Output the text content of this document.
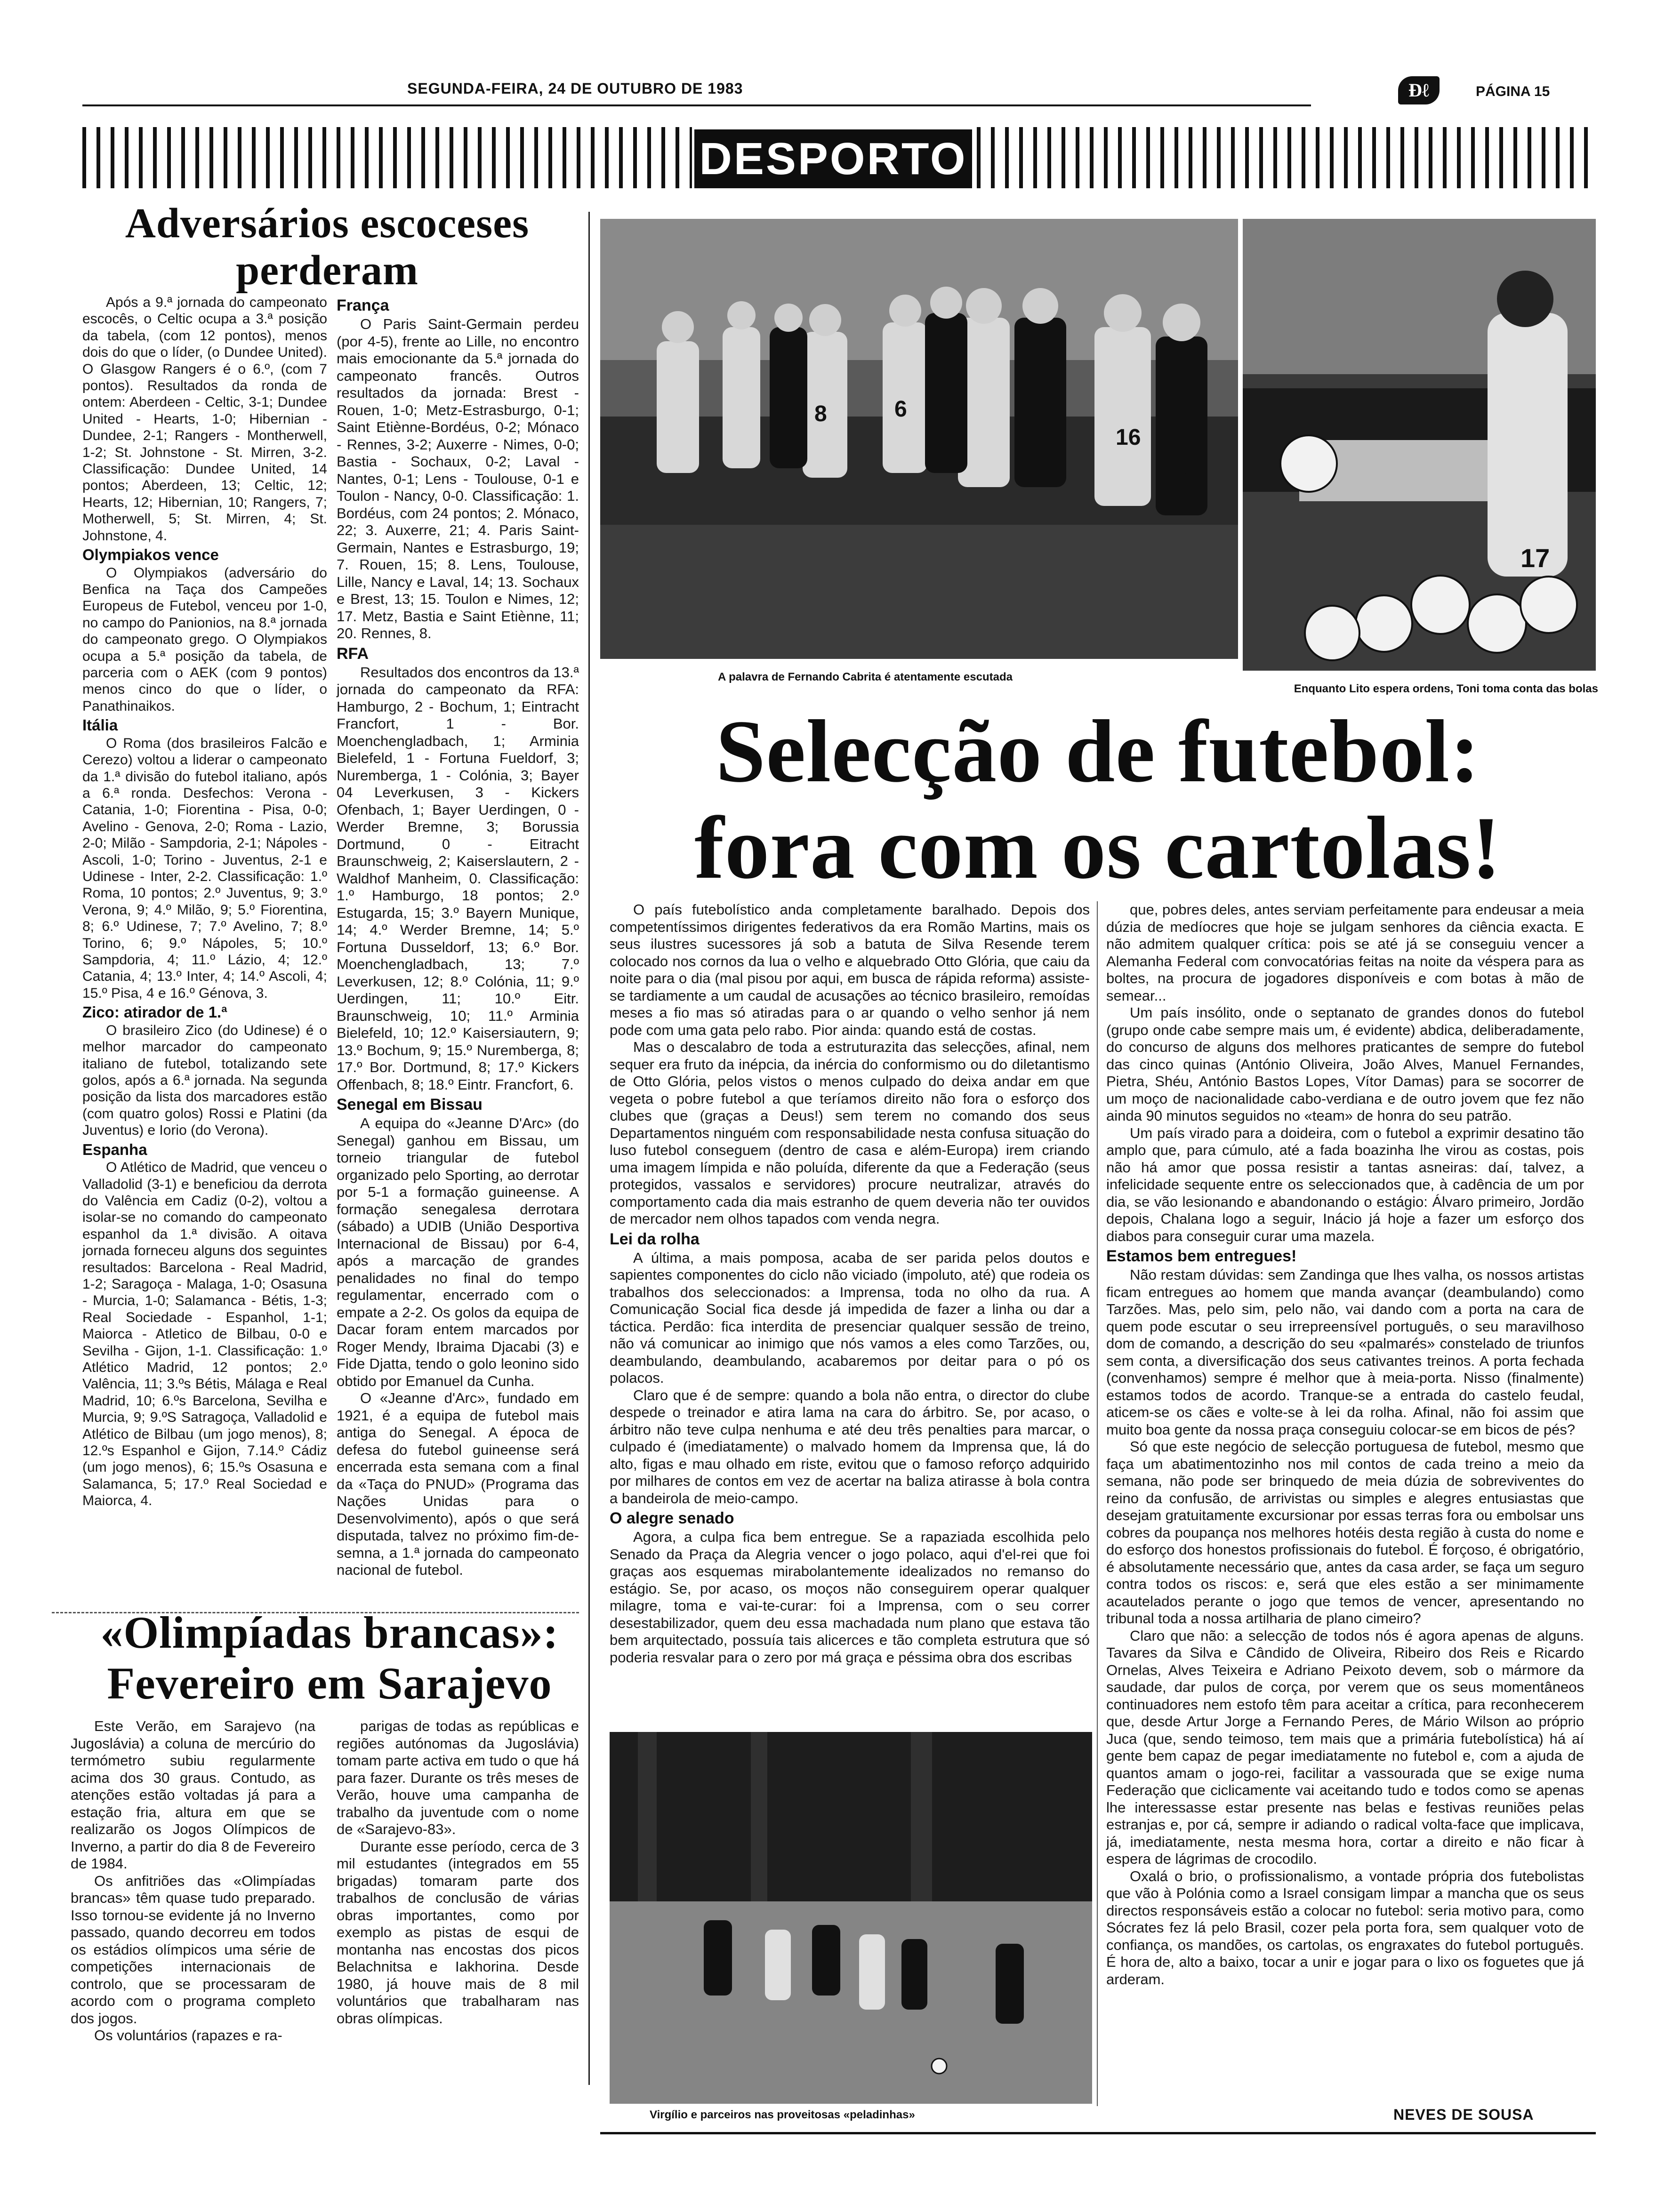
SEGUNDA-FEIRA, 24 DE OUTUBRO DE 1983	Ɖℓ	PÁGINA 15
DESPORTO
Adversários escoceses
perderam

Após a 9.ª jornada do campeonato escocês, o Celtic ocupa a 3.ª posição da tabela, (com 12 pontos), menos dois do que o líder, (o Dundee United). O Glasgow Rangers é o 6.º, (com 7 pontos). Resultados da ronda de ontem: Aberdeen - Celtic, 3-1; Dundee United - Hearts, 1-0; Hibernian - Dundee, 2-1; Rangers - Montherwell, 1-2; St. Johnstone - St. Mirren, 3-2. Classificação: Dundee United, 14 pontos; Aberdeen, 13; Celtic, 12; Hearts, 12; Hibernian, 10; Rangers, 7; Motherwell, 5; St. Mirren, 4; St. Johnstone, 4.

Olympiakos vence

O Olympiakos (adversário do Benfica na Taça dos Campeões Europeus de Futebol, venceu por 1-0, no campo do Panionios, na 8.ª jornada do campeonato grego. O Olympiakos ocupa a 5.ª posição da tabela, de parceria com o AEK (com 9 pontos) menos cinco do que o líder, o Panathinaikos.

Itália

O Roma (dos brasileiros Falcão e Cerezo) voltou a liderar o campeonato da 1.ª divisão do futebol italiano, após a 6.ª ronda. Desfechos: Verona - Catania, 1-0; Fiorentina - Pisa, 0-0; Avelino - Genova, 2-0; Roma - Lazio, 2-0; Milão - Sampdoria, 2-1; Nápoles - Ascoli, 1-0; Torino - Juventus, 2-1 e Udinese - Inter, 2-2. Classificação: 1.º Roma, 10 pontos; 2.º Juventus, 9; 3.º Verona, 9; 4.º Milão, 9; 5.º Fiorentina, 8; 6.º Udinese, 7; 7.º Avelino, 7; 8.º Torino, 6; 9.º Nápoles, 5; 10.º Sampdoria, 4; 11.º Lázio, 4; 12.º Catania, 4; 13.º Inter, 4; 14.º Ascoli, 4; 15.º Pisa, 4 e 16.º Génova, 3.

Zico: atirador de 1.ª

O brasileiro Zico (do Udinese) é o melhor marcador do campeonato italiano de futebol, totalizando sete golos, após a 6.ª jornada. Na segunda posição da lista dos marcadores estão (com quatro golos) Rossi e Platini (da Juventus) e Iorio (do Verona).

Espanha

O Atlético de Madrid, que venceu o Valladolid (3-1) e beneficiou da derrota do Valência em Cadiz (0-2), voltou a isolar-se no comando do campeonato espanhol da 1.ª divisão. A oitava jornada forneceu alguns dos seguintes resultados: Barcelona - Real Madrid, 1-2; Saragoça - Malaga, 1-0; Osasuna - Murcia, 1-0; Salamanca - Bétis, 1-3; Real Sociedade - Espanhol, 1-1; Maiorca - Atletico de Bilbau, 0-0 e Sevilha - Gijon, 1-1. Classificação: 1.º Atlético Madrid, 12 pontos; 2.º Valência, 11; 3.ºs Bétis, Málaga e Real Madrid, 10; 6.ºs Barcelona, Sevilha e Murcia, 9; 9.ºS Satragoça, Valladolid e Atlético de Bilbau (um jogo menos), 8; 12.ºs Espanhol e Gijon, 7.14.º Cádiz (um jogo menos), 6; 15.ºs Osasuna e Salamanca, 5; 17.º Real Sociedad e Maiorca, 4.

França

O Paris Saint-Germain perdeu (por 4-5), frente ao Lille, no encontro mais emocionante da 5.ª jornada do campeonato francês. Outros resultados da jornada: Brest - Rouen, 1-0; Metz-Estrasburgo, 0-1; Saint Etiènne-Bordéus, 0-2; Mónaco - Rennes, 3-2; Auxerre - Nimes, 0-0; Bastia - Sochaux, 0-2; Laval - Nantes, 0-1; Lens - Toulouse, 0-1 e Toulon - Nancy, 0-0. Classificação: 1. Bordéus, com 24 pontos; 2. Mónaco, 22; 3. Auxerre, 21; 4. Paris Saint-Germain, Nantes e Estrasburgo, 19; 7. Rouen, 15; 8. Lens, Toulouse, Lille, Nancy e Laval, 14; 13. Sochaux e Brest, 13; 15. Toulon e Nimes, 12; 17. Metz, Bastia e Saint Etiènne, 11; 20. Rennes, 8.

RFA

Resultados dos encontros da 13.ª jornada do campeonato da RFA: Hamburgo, 2 - Bochum, 1; Eintracht Francfort, 1 - Bor. Moenchengladbach, 1; Arminia Bielefeld, 1 - Fortuna Fueldorf, 3; Nuremberga, 1 - Colónia, 3; Bayer 04 Leverkusen, 3 - Kickers Ofenbach, 1; Bayer Uerdingen, 0 - Werder Bremne, 3; Borussia Dortmund, 0 - Eitracht Braunschweig, 2; Kaiserslautern, 2 - Waldhof Manheim, 0. Classificação: 1.º Hamburgo, 18 pontos; 2.º Estugarda, 15; 3.º Bayern Munique, 14; 4.º Werder Bremne, 14; 5.º Fortuna Dusseldorf, 13; 6.º Bor. Moenchengladbach, 13; 7.º Leverkusen, 12; 8.º Colónia, 11; 9.º Uerdingen, 11; 10.º Eitr. Braunschweig, 10; 11.º Arminia Bielefeld, 10; 12.º Kaisersiautern, 9; 13.º Bochum, 9; 15.º Nuremberga, 8; 17.º Bor. Dortmund, 8; 17.º Kickers Offenbach, 8; 18.º Eintr. Francfort, 6.

Senegal em Bissau

A equipa do «Jeanne D'Arc» (do Senegal) ganhou em Bissau, um torneio triangular de futebol organizado pelo Sporting, ao derrotar por 5-1 a formação guineense. A formação senegalesa derrotara (sábado) a UDIB (União Desportiva Internacional de Bissau) por 6-4, após a marcação de grandes penalidades no final do tempo regulamentar, encerrado com o empate a 2-2. Os golos da equipa de Dacar foram entem marcados por Roger Mendy, Ibraima Djacabi (3) e Fide Djatta, tendo o golo leonino sido obtido por Emanuel da Cunha.

O «Jeanne d'Arc», fundado em 1921, é a equipa de futebol mais antiga do Senegal. A época de defesa do futebol guineense será encerrada esta semana com a final da «Taça do PNUD» (Programa das Nações Unidas para o Desenvolvimento), após o que será disputada, talvez no próximo fim-de-semna, a 1.ª jornada do campeonato nacional de futebol.

«Olimpíadas brancas»:
Fevereiro em Sarajevo

Este Verão, em Sarajevo (na Jugoslávia) a coluna de mercúrio do termómetro subiu regularmente acima dos 30 graus. Contudo, as atenções estão voltadas já para a estação fria, altura em que se realizarão os Jogos Olímpicos de Inverno, a partir do dia 8 de Fevereiro de 1984.

Os anfitriões das «Olimpíadas brancas» têm quase tudo preparado. Isso tornou-se evidente já no Inverno passado, quando decorreu em todos os estádios olímpicos uma série de competições internacionais de controlo, que se processaram de acordo com o programa completo dos jogos.

Os voluntários (rapazes e ra-

parigas de todas as repúblicas e regiões autónomas da Jugoslávia) tomam parte activa em tudo o que há para fazer. Durante os três meses de Verão, houve uma campanha de trabalho da juventude com o nome de «Sarajevo-83».

Durante esse período, cerca de 3 mil estudantes (integrados em 55 brigadas) tomaram parte dos trabalhos de conclusão de várias obras importantes, como por exemplo as pistas de esqui de montanha nas encostas dos picos Belachnitsa e Iakhorina. Desde 1980, já houve mais de 8 mil voluntários que trabalharam nas obras olímpicas.

8	6
16
2
17
A palavra de Fernando Cabrita é atentamente escutada
Enquanto Lito espera ordens, Toni toma conta das bolas
Selecção de futebol:
fora com os cartolas!

O país futebolístico anda completamente baralhado. Depois dos competentíssimos dirigentes federativos da era Romão Martins, mais os seus ilustres sucessores já sob a batuta de Silva Resende terem colocado nos cornos da lua o velho e alquebrado Otto Glória, que caiu da noite para o dia (mal pisou por aqui, em busca de rápida reforma) assiste-se tardiamente a um caudal de acusações ao técnico brasileiro, remoídas meses a fio mas só atiradas para o ar quando o velho senhor já nem pode com uma gata pelo rabo. Pior ainda: quando está de costas.

Mas o descalabro de toda a estruturazita das selecções, afinal, nem sequer era fruto da inépcia, da inércia do conformismo ou do diletantismo de Otto Glória, pelos vistos o menos culpado do deixa andar em que vegeta o pobre futebol a que teríamos direito não fora o esforço dos clubes que (graças a Deus!) sem terem no comando dos seus Departamentos ninguém com responsabilidade nesta confusa situação do luso futebol conseguem (dentro de casa e além-Europa) irem criando uma imagem límpida e não poluída, diferente da que a Federação (seus protegidos, vassalos e servidores) procure neutralizar, através do comportamento cada dia mais estranho de quem deveria não ter ouvidos de mercador nem olhos tapados com venda negra.

Lei da rolha

A última, a mais pomposa, acaba de ser parida pelos doutos e sapientes componentes do ciclo não viciado (impoluto, até) que rodeia os trabalhos dos seleccionados: a Imprensa, toda no olho da rua. A Comunicação Social fica desde já impedida de fazer a linha ou dar a táctica. Perdão: fica interdita de presenciar qualquer sessão de treino, não vá comunicar ao inimigo que nós vamos a eles como Tarzões, ou, deambulando, deambulando, acabaremos por deitar para o pó os polacos.

Claro que é de sempre: quando a bola não entra, o director do clube despede o treinador e atira lama na cara do árbitro. Se, por acaso, o árbitro não teve culpa nenhuma e até deu três penalties para marcar, o culpado é (imediatamente) o malvado homem da Imprensa que, lá do alto, figas e mau olhado em riste, evitou que o famoso reforço adquirido por milhares de contos em vez de acertar na baliza atirasse à bola contra a bandeirola de meio-campo.

O alegre senado

Agora, a culpa fica bem entregue. Se a rapaziada escolhida pelo Senado da Praça da Alegria vencer o jogo polaco, aqui d'el-rei que foi graças aos esquemas mirabolantemente idealizados no remanso do estágio. Se, por acaso, os moços não conseguirem operar qualquer milagre, toma e vai-te-curar: foi a Imprensa, com o seu correr desestabilizador, quem deu essa machadada num plano que estava tão bem arquitectado, possuía tais alicerces e tão completa estrutura que só poderia resvalar para o zero por má graça e péssima obra dos escribas

que, pobres deles, antes serviam perfeitamente para endeusar a meia dúzia de medíocres que hoje se julgam senhores da ciência exacta. E não admitem qualquer crítica: pois se até já se conseguiu vencer a Alemanha Federal com convocatórias feitas na noite da véspera para as boltes, na procura de jogadores disponíveis e com botas à mão de semear...

Um país insólito, onde o septanato de grandes donos do futebol (grupo onde cabe sempre mais um, é evidente) abdica, deliberadamente, do concurso de alguns dos melhores praticantes de sempre do futebol das cinco quinas (António Oliveira, João Alves, Manuel Fernandes, Pietra, Shéu, António Bastos Lopes, Vítor Damas) para se socorrer de um moço de nacionalidade cabo-verdiana e de outro jovem que fez não ainda 90 minutos seguidos no «team» de honra do seu patrão.

Um país virado para a doideira, com o futebol a exprimir desatino tão amplo que, para cúmulo, até a fada boazinha lhe virou as costas, pois não há amor que possa resistir a tantas asneiras: daí, talvez, a infelicidade sequente entre os seleccionados que, à cadência de um por dia, se vão lesionando e abandonando o estágio: Álvaro primeiro, Jordão depois, Chalana logo a seguir, Inácio já hoje a fazer um esforço dos diabos para conseguir curar uma mazela.

Estamos bem entregues!

Não restam dúvidas: sem Zandinga que lhes valha, os nossos artistas ficam entregues ao homem que manda avançar (deambulando) como Tarzões. Mas, pelo sim, pelo não, vai dando com a porta na cara de quem pode escutar o seu irrepreensível português, o seu maravilhoso dom de comando, a descrição do seu «palmarés» constelado de triunfos sem conta, a diversificação dos seus cativantes treinos. A porta fechada (convenhamos) sempre é melhor que à meia-porta. Nisso (finalmente) estamos todos de acordo. Tranque-se a entrada do castelo feudal, aticem-se os cães e volte-se à lei da rolha. Afinal, não foi assim que muito boa gente da nossa praça conseguiu colocar-se em bicos de pés?

Só que este negócio de selecção portuguesa de futebol, mesmo que faça um abatimentozinho nos mil contos de cada treino a meio da semana, não pode ser brinquedo de meia dúzia de sobreviventes do reino da confusão, de arrivistas ou simples e alegres entusiastas que desejam gratuitamente excursionar por essas terras fora ou embolsar uns cobres da poupança nos melhores hotéis desta região à custa do nome e do esforço dos honestos profissionais do futebol. É forçoso, é obrigatório, é absolutamente necessário que, antes da casa arder, se faça um seguro contra todos os riscos: e, será que eles estão a ser minimamente acautelados perante o jogo que temos de vencer, apresentando no tribunal toda a nossa artilharia de plano cimeiro?

Claro que não: a selecção de todos nós é agora apenas de alguns. Tavares da Silva e Cândido de Oliveira, Ribeiro dos Reis e Ricardo Ornelas, Alves Teixeira e Adriano Peixoto devem, sob o mármore da saudade, dar pulos de corça, por verem que os seus momentâneos continuadores nem estofo têm para aceitar a crítica, para reconhecerem que, desde Artur Jorge a Fernando Peres, de Mário Wilson ao próprio Juca (que, sendo teimoso, tem mais que a primária futebolística) há aí gente bem capaz de pegar imediatamente no futebol e, com a ajuda de quantos amam o jogo-rei, facilitar a vassourada que se exige numa Federação que ciclicamente vai aceitando tudo e todos como se apenas lhe interessasse estar presente nas belas e festivas reuniões pelas estranjas e, por cá, sempre ir adiando o radical volta-face que implicava, já, imediatamente, nesta mesma hora, cortar a direito e não ficar à espera de lágrimas de crocodilo.

Oxalá o brio, o profissionalismo, a vontade própria dos futebolistas que vão à Polónia como a Israel consigam limpar a mancha que os seus directos responsáveis estão a colocar no futebol: seria motivo para, como Sócrates fez lá pelo Brasil, cozer pela porta fora, sem qualquer voto de confiança, os mandões, os cartolas, os engraxates do futebol português. É hora de, alto a baixo, tocar a unir e jogar para o lixo os foguetes que já arderam.

Virgílio e parceiros nas proveitosas «peladinhas»	NEVES DE SOUSA
